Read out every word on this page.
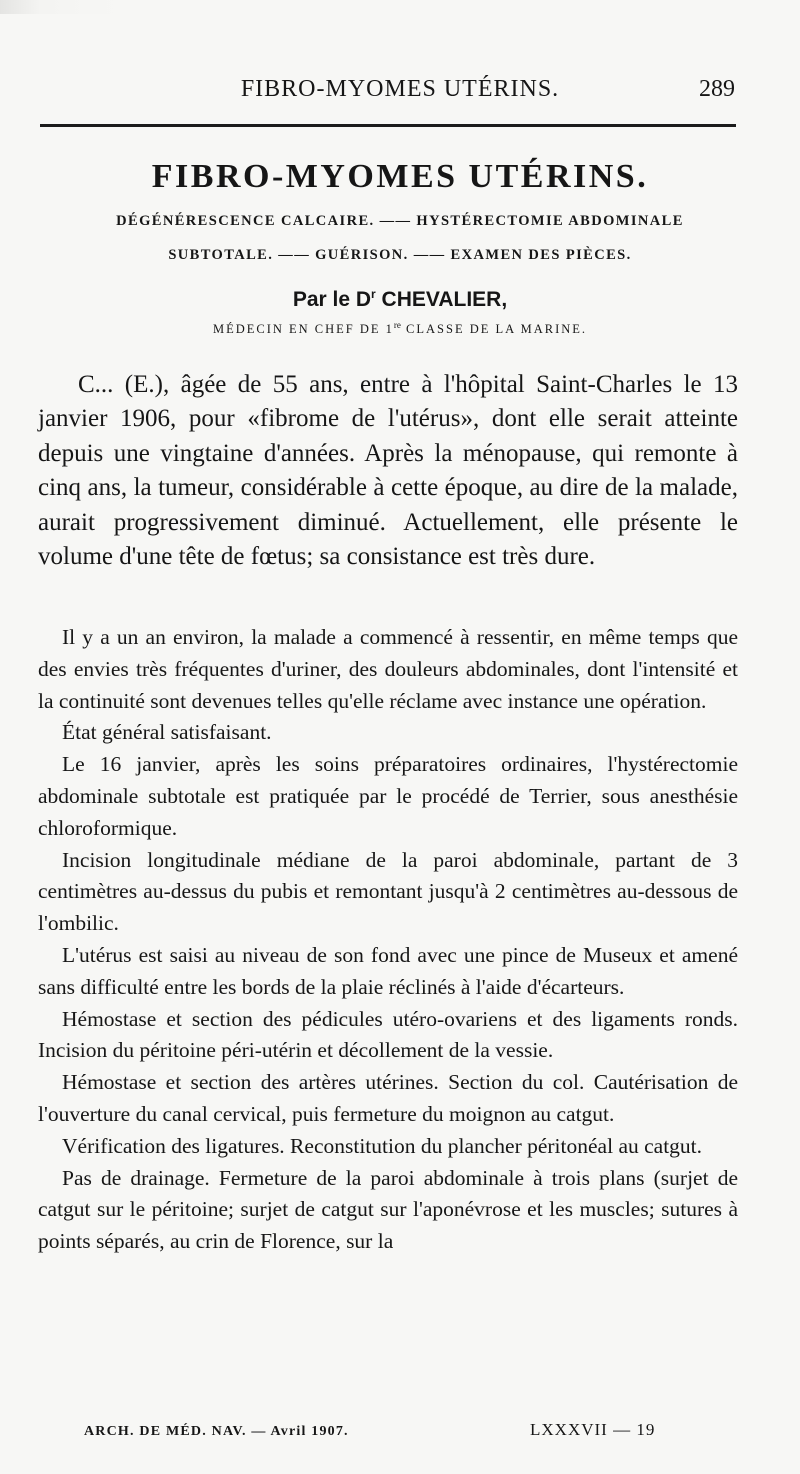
FIBRO-MYOMES UTÉRINS.	289
FIBRO-MYOMES UTÉRINS.
DÉGÉNÉRESCENCE CALCAIRE. —— HYSTÉRECTOMIE ABDOMINALE
SUBTOTALE. —— GUÉRISON. —— EXAMEN DES PIÈCES.
Par le $D^r$ CHEVALIER,
MÉDECIN EN CHEF DE 1re CLASSE DE LA MARINE.

C... (E.), âgée de 55 ans, entre à l'hôpital Saint-Charles le 13 janvier 1906, pour «fibrome de l'utérus», dont elle serait atteinte depuis une vingtaine d'années. Après la ménopause, qui remonte à cinq ans, la tumeur, considérable à cette époque, au dire de la malade, aurait progressivement diminué. Actuellement, elle présente le volume d'une tête de fœtus; sa consistance est très dure.

Il y a un an environ, la malade a commencé à ressentir, en même temps que des envies très fréquentes d'uriner, des douleurs abdominales, dont l'intensité et la continuité sont devenues telles qu'elle réclame avec instance une opération.

État général satisfaisant.

Le 16 janvier, après les soins préparatoires ordinaires, l'hystérectomie abdominale subtotale est pratiquée par le procédé de Terrier, sous anesthésie chloroformique.

Incision longitudinale médiane de la paroi abdominale, partant de 3 centimètres au-dessus du pubis et remontant jusqu'à 2 centimètres au-dessous de l'ombilic.

L'utérus est saisi au niveau de son fond avec une pince de Museux et amené sans difficulté entre les bords de la plaie réclinés à l'aide d'écarteurs.

Hémostase et section des pédicules utéro-ovariens et des ligaments ronds. Incision du péritoine péri-utérin et décollement de la vessie.

Hémostase et section des artères utérines. Section du col. Cautérisation de l'ouverture du canal cervical, puis fermeture du moignon au catgut.

Vérification des ligatures. Reconstitution du plancher péritonéal au catgut.

Pas de drainage. Fermeture de la paroi abdominale à trois plans (surjet de catgut sur le péritoine; surjet de catgut sur l'aponévrose et les muscles; sutures à points séparés, au crin de Florence, sur la

ARCH. DE MÉD. NAV. — Avril 1907.	LXXXVII — 19
